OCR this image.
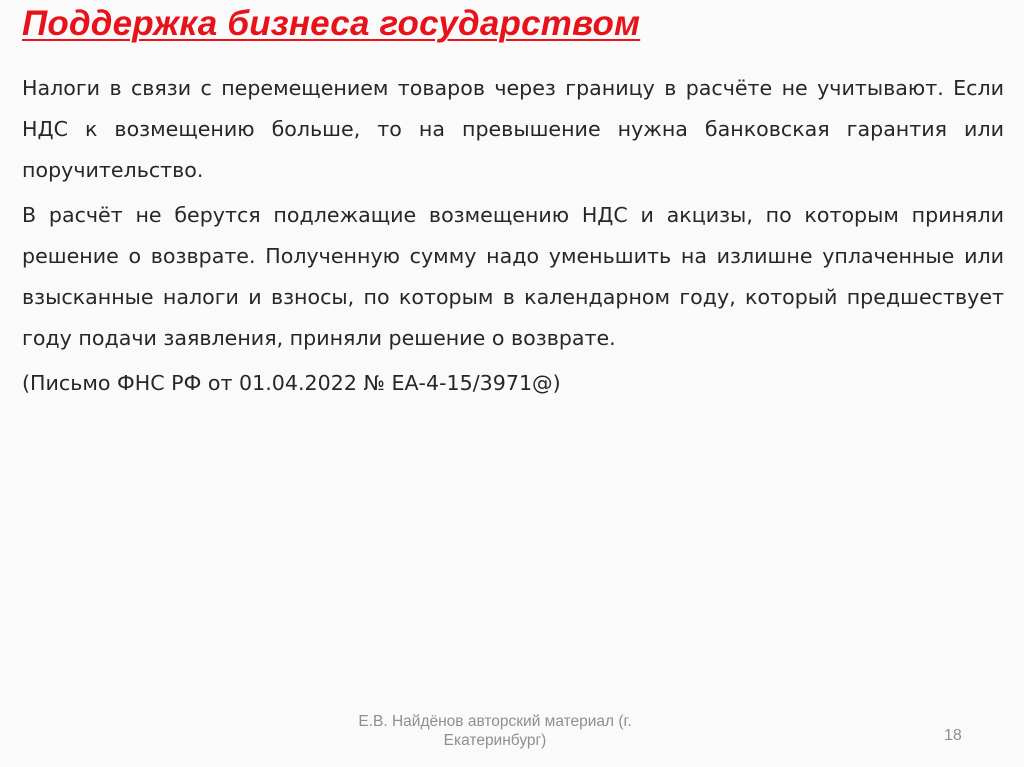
Поддержка бизнеса государством

Налоги в связи с перемещением товаров через границу в расчёте не учитывают. Если НДС к возмещению больше, то на превышение нужна банковская гарантия или поручительство.

В расчёт не берутся подлежащие возмещению НДС и акцизы, по которым приняли решение о возврате. Полученную сумму надо уменьшить на излишне уплаченные или взысканные налоги и взносы, по которым в календарном году, который предшествует году подачи заявления, приняли решение о возврате.

(Письмо ФНС РФ от 01.04.2022 № ЕА-4-15/3971@)

Е.В. Найдёнов авторский материал (г. Екатеринбург)	18
